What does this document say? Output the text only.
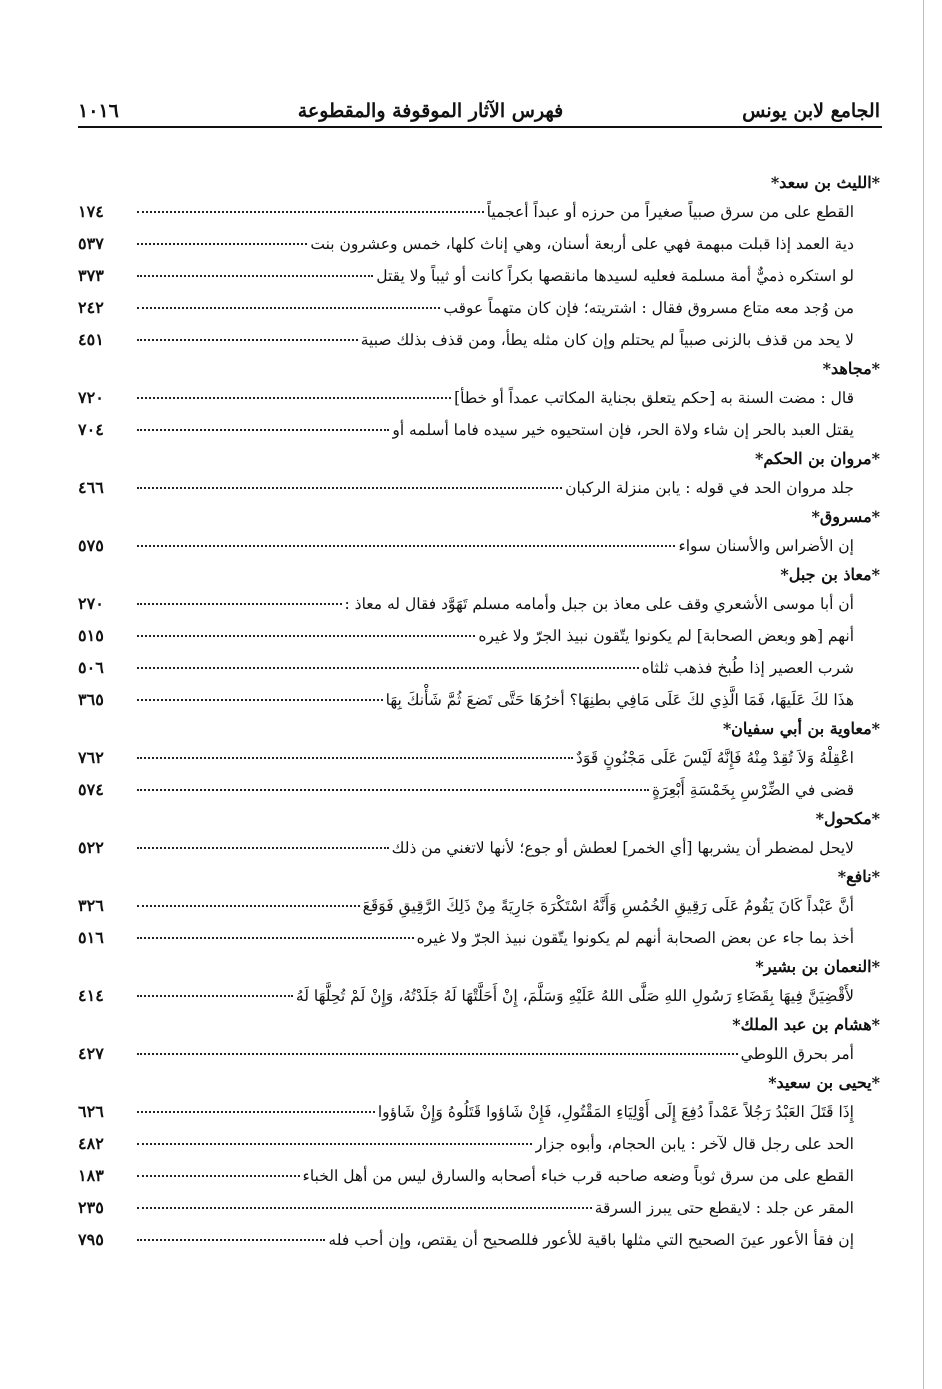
الجامع لابن يونس
فهرس الآثار الموقوفة والمقطوعة
١٠١٦
*الليث بن سعد*
القطع على من سرق صبياً صغيراً من حرزه أو عبداً أعجمياً
١٧٤
دية العمد إذا قبلت مبهمة فهي على أربعة أسنان، وهي إناث كلها، خمس وعشرون بنت
٥٣٧
لو استكره ذميٌّ أمة مسلمة فعليه لسيدها مانقصها بكراً كانت أو ثيباً ولا يقتل
٣٧٣
من وُجد معه متاع مسروق فقال : اشتريته؛ فإن كان متهماً عوقب
٢٤٢
لا يحد من قذف بالزنى صبياً لم يحتلم وإن كان مثله يطأ، ومن قذف بذلك صبية
٤٥١
*مجاهد*
قال : مضت السنة به [حكم يتعلق بجناية المكاتب عمداً أو خطأ]
٧٢٠
يقتل العبد بالحر إن شاء ولاة الحر، فإن استحيوه خير سيده فاما أسلمه أو
٧٠٤
*مروان بن الحكم*
جلد مروان الحد في قوله : يابن منزلة الركبان
٤٦٦
*مسروق*
إن الأضراس والأسنان سواء
٥٧٥
*معاذ بن جبل*
أن أبا موسى الأشعري وقف على معاذ بن جبل وأمامه مسلم تَهَوَّد فقال له معاذ :
٢٧٠
أنهم [هو وبعض الصحابة] لم يكونوا يتّقون نبيذ الجرّ ولا غيره
٥١٥
شرب العصير إذا طُبخ فذهب ثلثاه
٥٠٦
هذَا لكَ عَلَيهَا، فَمَا الَّذِي لكَ عَلَى مَافِي بطنِهَا؟ أخرُهَا حَتَّى تَضعَ ثُمَّ شَأْنكَ بِهَا
٣٦٥
*معاوية بن أبي سفيان*
اعْقِلْهُ وَلاَ تُقِدْ مِنْهُ فَإِنَّهُ لَيْسَ عَلَى مَجْنُونٍ قَوَدٌ
٧٦٢
قضى في الضِّرْسِ بِخَمْسَةِ أَبْعِرَةٍ
٥٧٤
*مكحول*
لايحل لمضطر أن يشربها [أي الخمر] لعطش أو جوع؛ لأنها لاتغني من ذلك
٥٢٢
*نافع*
أنَّ عَبْداً كَانَ يَقُومُ عَلَى رَقِيقِ الخُمُسِ وَأَنَّهُ اسْتَكْرَهَ جَارِيَةً مِنْ ذَلِكَ الرَّقِيقِ فَوَقَعَ
٣٢٦
أخذ بما جاء عن بعض الصحابة أنهم لم يكونوا يتّقون نبيذ الجرّ ولا غيره
٥١٦
*النعمان بن بشير*
لأَقْضِيَنَّ فِيهَا بِقَضَاءِ رَسُولِ اللهِ صَلَّى اللهُ عَلَيْهِ وَسَلَّمَ، إِنْ أَحَلَّتْهَا لَهُ جَلَدْتُهُ، وَإِنْ لَمْ تُحِلَّهَا لَهُ
٤١٤
*هشام بن عبد الملك*
أمر بحرق اللوطي
٤٢٧
*يحيى بن سعيد*
إِذَا قَتَلَ العَبْدُ رَجُلاً عَمْداً دُفِعَ إِلَى أَوْلِيَاءِ المَقْتُولِ، فَإِنْ شَاؤوا قَتَلُوهُ وَإِنْ شَاؤوا
٦٢٦
الحد على رجل قال لآخر : يابن الحجام، وأبوه جزار
٤٨٢
القطع على من سرق ثوباً وضعه صاحبه قرب خباء أصحابه والسارق ليس من أهل الخباء
١٨٣
المقر عن جلد : لايقطع حتى يبرز السرقة
٢٣٥
إن فقأ الأعور عينَ الصحيح التي مثلها باقية للأعور فللصحيح أن يقتص، وإن أحب فله
٧٩٥
